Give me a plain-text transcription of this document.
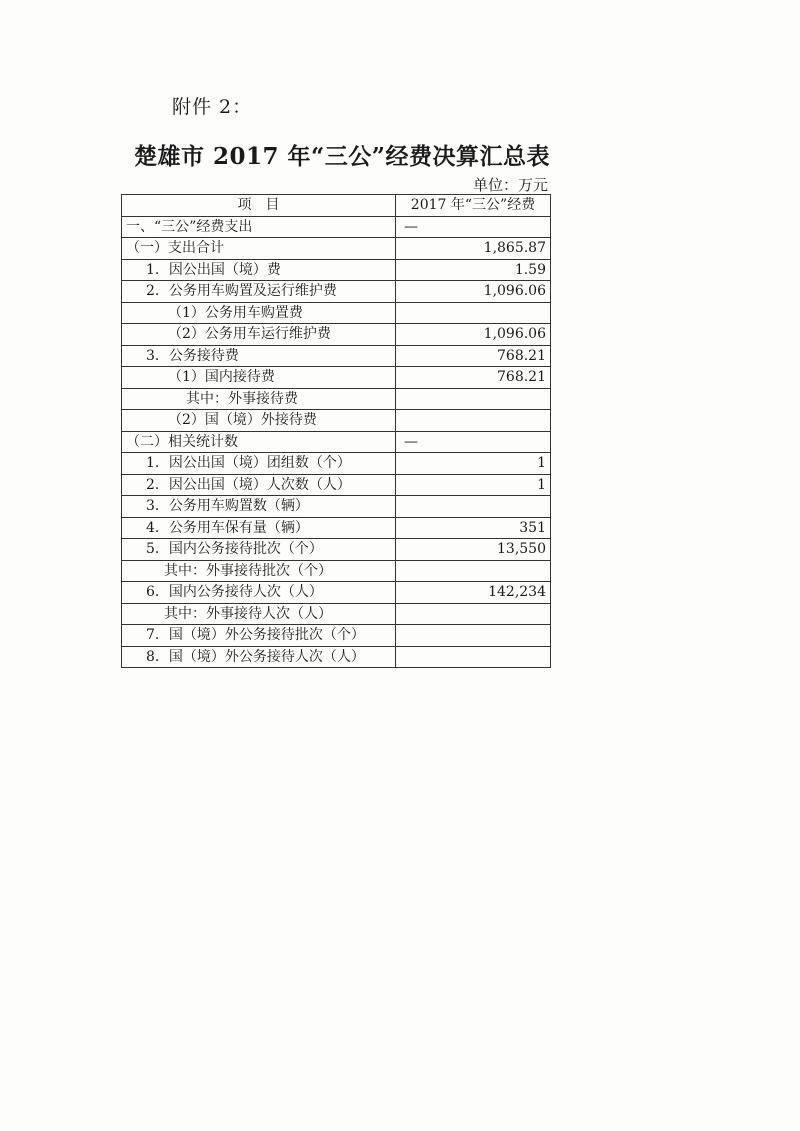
附件 2：
楚雄市 2017 年“三公”经费决算汇总表
单位：万元
项　目	2017 年“三公”经费
一、“三公”经费支出	—
（一）支出合计	1,865.87
1．因公出国（境）费	1.59
2．公务用车购置及运行维护费	1,096.06
（1）公务用车购置费	
（2）公务用车运行维护费	1,096.06
3．公务接待费	768.21
（1）国内接待费	768.21
其中：外事接待费	
（2）国（境）外接待费	
（二）相关统计数	—
1．因公出国（境）团组数（个）	1
2．因公出国（境）人次数（人）	1
3．公务用车购置数（辆）	
4．公务用车保有量（辆）	351
5．国内公务接待批次（个）	13,550
其中：外事接待批次（个）	
6．国内公务接待人次（人）	142,234
其中：外事接待人次（人）	
7．国（境）外公务接待批次（个）	
8．国（境）外公务接待人次（人）	
